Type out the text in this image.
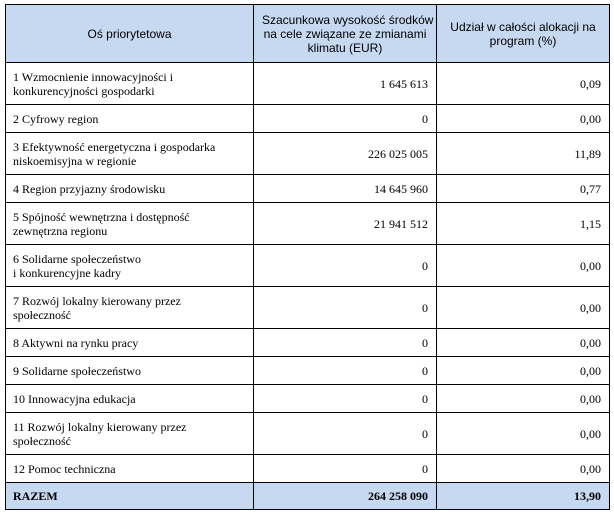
Oś priorytetowa	Szacunkowa wysokość środków
na cele związane ze zmianami
klimatu (EUR)	Udział w całości alokacji na
program (%)

1 Wzmocnienie innowacyjności i
konkurencyjności gospodarki	1 645 613	0,09

2 Cyfrowy region	0	0,00

3 Efektywność energetyczna i gospodarka
niskoemisyjna w regionie	226 025 005	11,89

4 Region przyjazny środowisku	14 645 960	0,77

5 Spójność wewnętrzna i dostępność
zewnętrzna regionu	21 941 512	1,15

6 Solidarne społeczeństwo
i konkurencyjne kadry	0	0,00

7 Rozwój lokalny kierowany przez
społeczność	0	0,00

8 Aktywni na rynku pracy	0	0,00

9 Solidarne społeczeństwo	0	0,00

10 Innowacyjna edukacja	0	0,00

11 Rozwój lokalny kierowany przez
społeczność	0	0,00

12 Pomoc techniczna	0	0,00
RAZEM	264 258 090	13,90
